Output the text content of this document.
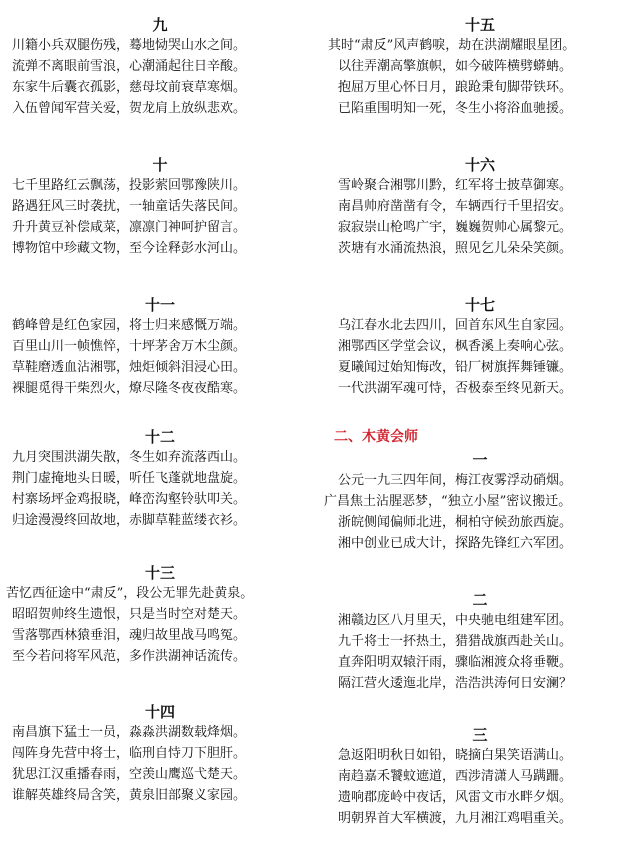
九
川籍小兵双腿伤残，蓦地恸哭山水之间。
流弹不离眼前雪浪，心潮涌起往日辛酸。
东家牛后囊衣孤影，慈母坟前衰草寒烟。
入伍曾闻军营关爱，贺龙肩上放纵悲欢。
十
七千里路红云飘荡，投影萦回鄂豫陕川。
路遇狂风三时袭扰，一轴童话失落民间。
升升黄豆补偿咸菜，凛凛门神呵护留言。
博物馆中珍藏文物，至今诠释彭水河山。
十一
鹤峰曾是红色家园，将士归来感慨万端。
百里山川一帧憔悴，十坪茅舍万木尘颜。
草鞋磨透血沾湘鄂，烛炬倾斜泪浸心田。
裸腿觅得干柴烈火，燎尽隆冬夜夜酷寒。
十二
九月突围洪湖失散，冬生如弃流落西山。
荆门虚掩地头日暖，听任飞蓬就地盘旋。
村寨场坪金鸡报晓，峰峦沟壑铃驮叩关。
归途漫漫终回故地，赤脚草鞋蓝缕衣衫。
十三
苦忆西征途中“肃反”，段公无罪先赴黄泉。
昭昭贺帅终生遗恨，只是当时空对楚天。
雪落鄂西林猿垂泪，魂归故里战马鸣冤。
至今若问将军风范，多作洪湖神话流传。
十四
南昌旗下猛士一员，淼淼洪湖数载烽烟。
闯阵身先营中将士，临刑自恃刀下胆肝。
犹思江汉重播春雨，空羡山鹰巡弋楚天。
谁解英雄终局含笑，黄泉旧部聚义家园。
十五
其时“肃反”风声鹤唳，劫在洪湖耀眼星团。
以往弄潮高擎旗帜，如今破阵横劈蟒蚺。
抱屈万里心怀日月，踉跄秉旬脚带铁环。
已陷重围明知一死，冬生小将浴血驰援。
十六
雪岭聚合湘鄂川黔，红军将士披草御寒。
南昌帅府凿凿有令，车辆西行千里招安。
寂寂崇山枪鸣广宇，巍巍贺帅心属黎元。
茨塘有水涌流热浪，照见乞儿朵朵笑颜。
十七
乌江春水北去四川，回首东风生自家园。
湘鄂西区学堂会议，枫香溪上奏响心弦。
夏曦闻过始知悔改，铅厂树旗挥舞锤镰。
一代洪湖军魂可恃，否极泰至终见新天。
二、木黄会师
一
公元一九三四年间，梅江夜雾浮动硝烟。
广昌焦土沾腥恶梦，“独立小屋”密议搬迁。
浙皖侧闻偏师北进，桐柏守候劲旅西旋。
湘中创业已成大计，探路先锋红六军团。
二
湘赣边区八月里天，中央驰电组建军团。
九千将士一抔热土，猎猎战旗西赴关山。
直奔阳明双辕汗雨，骤临湘渡众将垂鞭。
隔江营火逶迤北岸，浩浩洪涛何日安澜？
三
急返阳明秋日如铅，晓摘白果笑语满山。
南趋嘉禾饕蚊遮道，西涉清潇人马蹒跚。
遗响郡庞岭中夜话，风雷文市水畔夕烟。
明朝界首大军横渡，九月湘江鸡唱重关。
